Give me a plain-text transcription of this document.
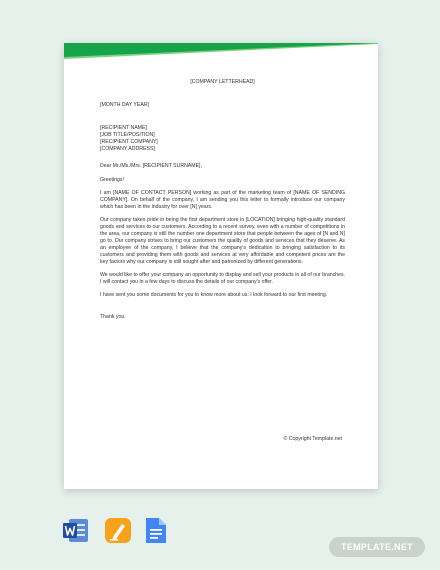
[COMPANY LETTERHEAD]

[MONTH DAY YEAR]

[RECIPIENT NAME]

[JOB TITLE/POSITION]

[RECIPIENT COMPANY]

[COMPANY ADDRESS]

Dear Mr./Ms./Mrs. [RECIPIENT SURNAME],

Greetings!

I am [NAME OF CONTACT PERSON] working as part of the marketing team of [NAME OF SENDING COMPANY]. On behalf of the company, I am sending you this letter to formally introduce our company which has been in the industry for over [N] years.

Our company takes pride in being the first department store in [LOCATION] bringing high-quality standard goods and services to our customers. According to a recent survey, even with a number of competitions in the area, our company is still the number one department store that people between the ages of [N and N] go to. Our company strives to bring our customers the quality of goods and services that they deserve. As an employee of the company, I believe that the company's dedication to bringing satisfaction to its customers and providing them with goods and services at very affordable and competent prices are the key factors why our company is still sought after and patronized by different generations.

We would like to offer your company an opportunity to display and sell your products in all of our branches. I will contact you in a few days to discuss the details of our company's offer.

I have sent you some documents for you to know more about us. I look forward to our first meeting.

Thank you.

© Copyright Template.net
TEMPLATE.NET
